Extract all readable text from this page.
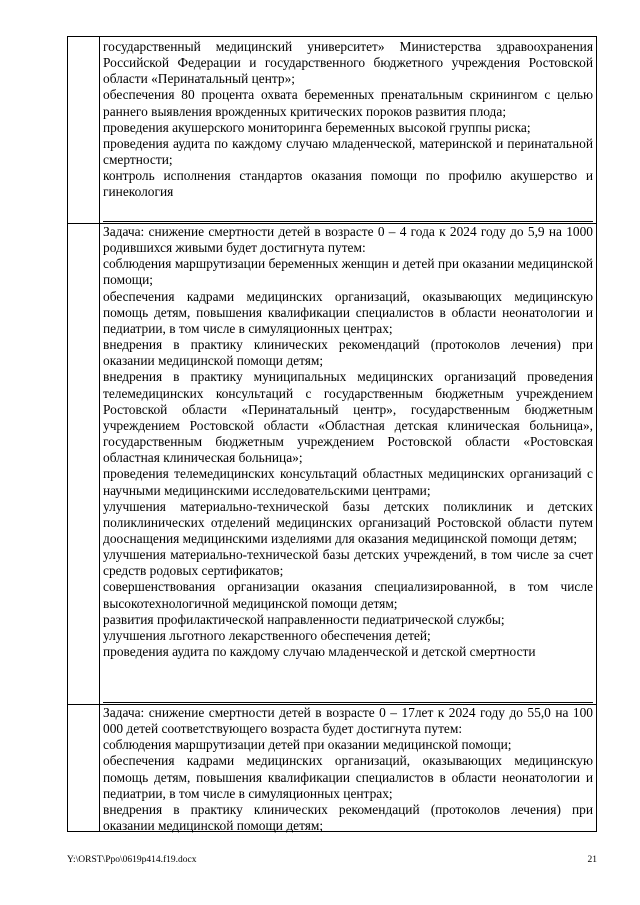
государственный медицинский университет» Министерства здравоохранения Российской Федерации и государственного бюджетного учреждения Ростовской области «Перинатальный центр»;

обеспечения 80 процента охвата беременных пренатальным скринингом с целью раннего выявления врожденных критических пороков развития плода;

проведения акушерского мониторинга беременных высокой группы риска;

проведения аудита по каждому случаю младенческой, материнской и перинатальной смертности;

контроль исполнения стандартов оказания помощи по профилю акушерство и гинекология

Задача: снижение смертности детей в возрасте 0 – 4 года к 2024 году до 5,9 на 1000 родившихся живыми будет достигнута путем:

соблюдения маршрутизации беременных женщин и детей при оказании медицинской помощи;

обеспечения кадрами медицинских организаций, оказывающих медицинскую помощь детям, повышения квалификации специалистов в области неонатологии и педиатрии, в том числе в симуляционных центрах;

внедрения в практику клинических рекомендаций (протоколов лечения) при оказании медицинской помощи детям;

внедрения в практику муниципальных медицинских организаций проведения телемедицинских консультаций с государственным бюджетным учреждением Ростовской области «Перинатальный центр», государственным бюджетным учреждением Ростовской области «Областная детская клиническая больница», государственным бюджетным учреждением Ростовской области «Ростовская областная клиническая больница»;

проведения телемедицинских консультаций областных медицинских организаций с научными медицинскими исследовательскими центрами;

улучшения материально-технической базы детских поликлиник и детских поликлинических отделений медицинских организаций Ростовской области путем дооснащения медицинскими изделиями для оказания медицинской помощи детям;

улучшения материально-технической базы детских учреждений, в том числе за счет средств родовых сертификатов;

совершенствования организации оказания специализированной, в том числе высокотехнологичной медицинской помощи детям;

развития профилактической направленности педиатрической службы;

улучшения льготного лекарственного обеспечения детей;

проведения аудита по каждому случаю младенческой и детской смертности

Задача: снижение смертности детей в возрасте 0 – 17лет к 2024 году до 55,0 на 100 000 детей соответствующего возраста будет достигнута путем:

соблюдения маршрутизации детей при оказании медицинской помощи;

обеспечения кадрами медицинских организаций, оказывающих медицинскую помощь детям, повышения квалификации специалистов в области неонатологии и педиатрии, в том числе в симуляционных центрах;

внедрения в практику клинических рекомендаций (протоколов лечения) при оказании медицинской помощи детям;

Y:\ORST\Ppo\0619p414.f19.docx	21
